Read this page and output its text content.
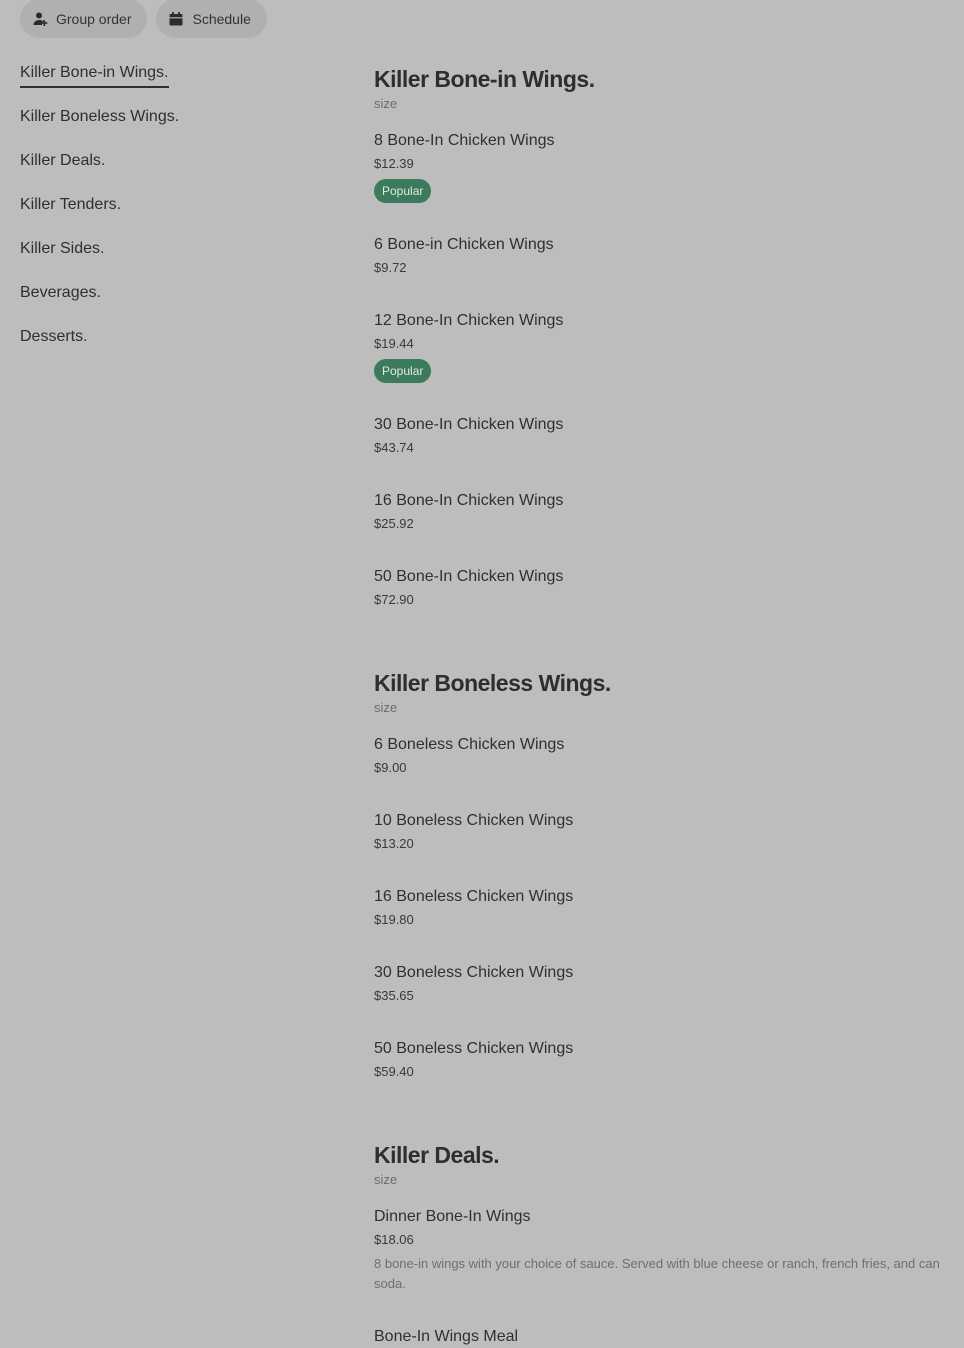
Group order	Schedule
Killer Bone-in Wings.
Killer Boneless Wings.
Killer Deals.
Killer Tenders.
Killer Sides.
Beverages.
Desserts.
Killer Bone-in Wings.
size
8 Bone-In Chicken Wings
$12.39
Popular
6 Bone-in Chicken Wings
$9.72
12 Bone-In Chicken Wings
$19.44
Popular
30 Bone-In Chicken Wings
$43.74
16 Bone-In Chicken Wings
$25.92
50 Bone-In Chicken Wings
$72.90
Killer Boneless Wings.
size
6 Boneless Chicken Wings
$9.00
10 Boneless Chicken Wings
$13.20
16 Boneless Chicken Wings
$19.80
30 Boneless Chicken Wings
$35.65
50 Boneless Chicken Wings
$59.40
Killer Deals.
size
Dinner Bone-In Wings
$18.06
8 bone-in wings with your choice of sauce. Served with blue cheese or ranch, french fries, and can soda.
Bone-In Wings Meal
